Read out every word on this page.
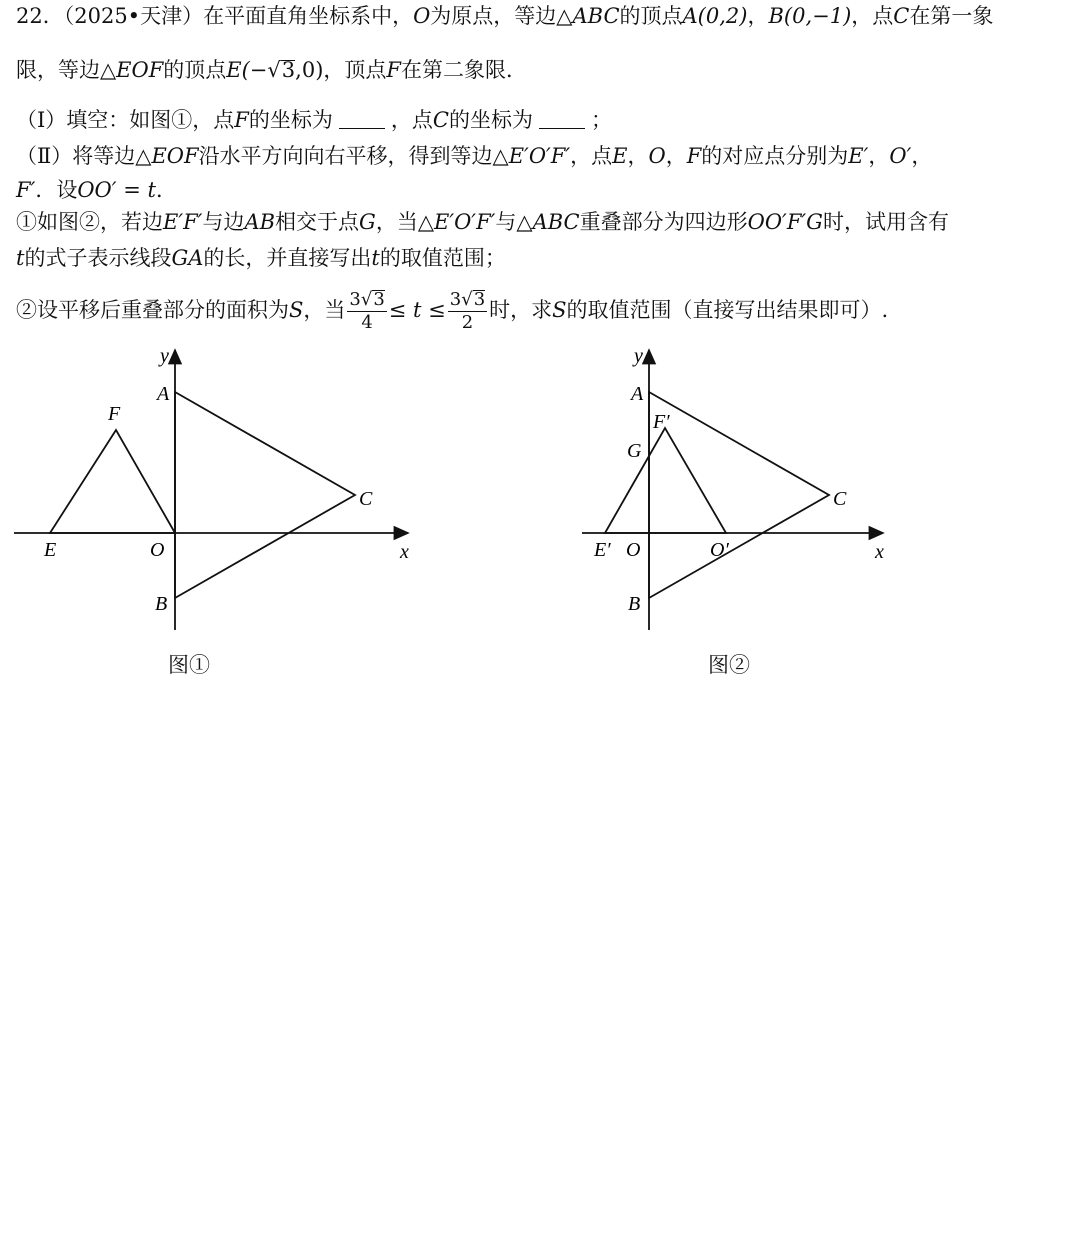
22．（2025•天津）在平面直角坐标系中，O为原点，等边△ABC的顶点A(0,2)，B(0,−1)，点C在第一象
限，等边△EOF的顶点E(−√3,0)，顶点F在第二象限．
（Ⅰ）填空：如图①，点F的坐标为	，点C的坐标为	；
（Ⅱ）将等边△EOF沿水平方向向右平移，得到等边△E′O′F′，点E，O，F的对应点分别为E′，O′，
F′．设OO′ = t．
①如图②，若边E′F′与边AB相交于点G，当△E′O′F′与△ABC重叠部分为四边形OO′F′G时，试用含有
t的式子表示线段GA的长，并直接写出t的取值范围；
②设平移后重叠部分的面积为S，当 $\frac{3√3}{4} \le t \le \frac{3√3}{2}$ 时，求S的取值范围（直接写出结果即可）.
y
x
A
B
C
O
E
F
图①
y
x
A
B
C
O
E′	O′
F′
G
图②
